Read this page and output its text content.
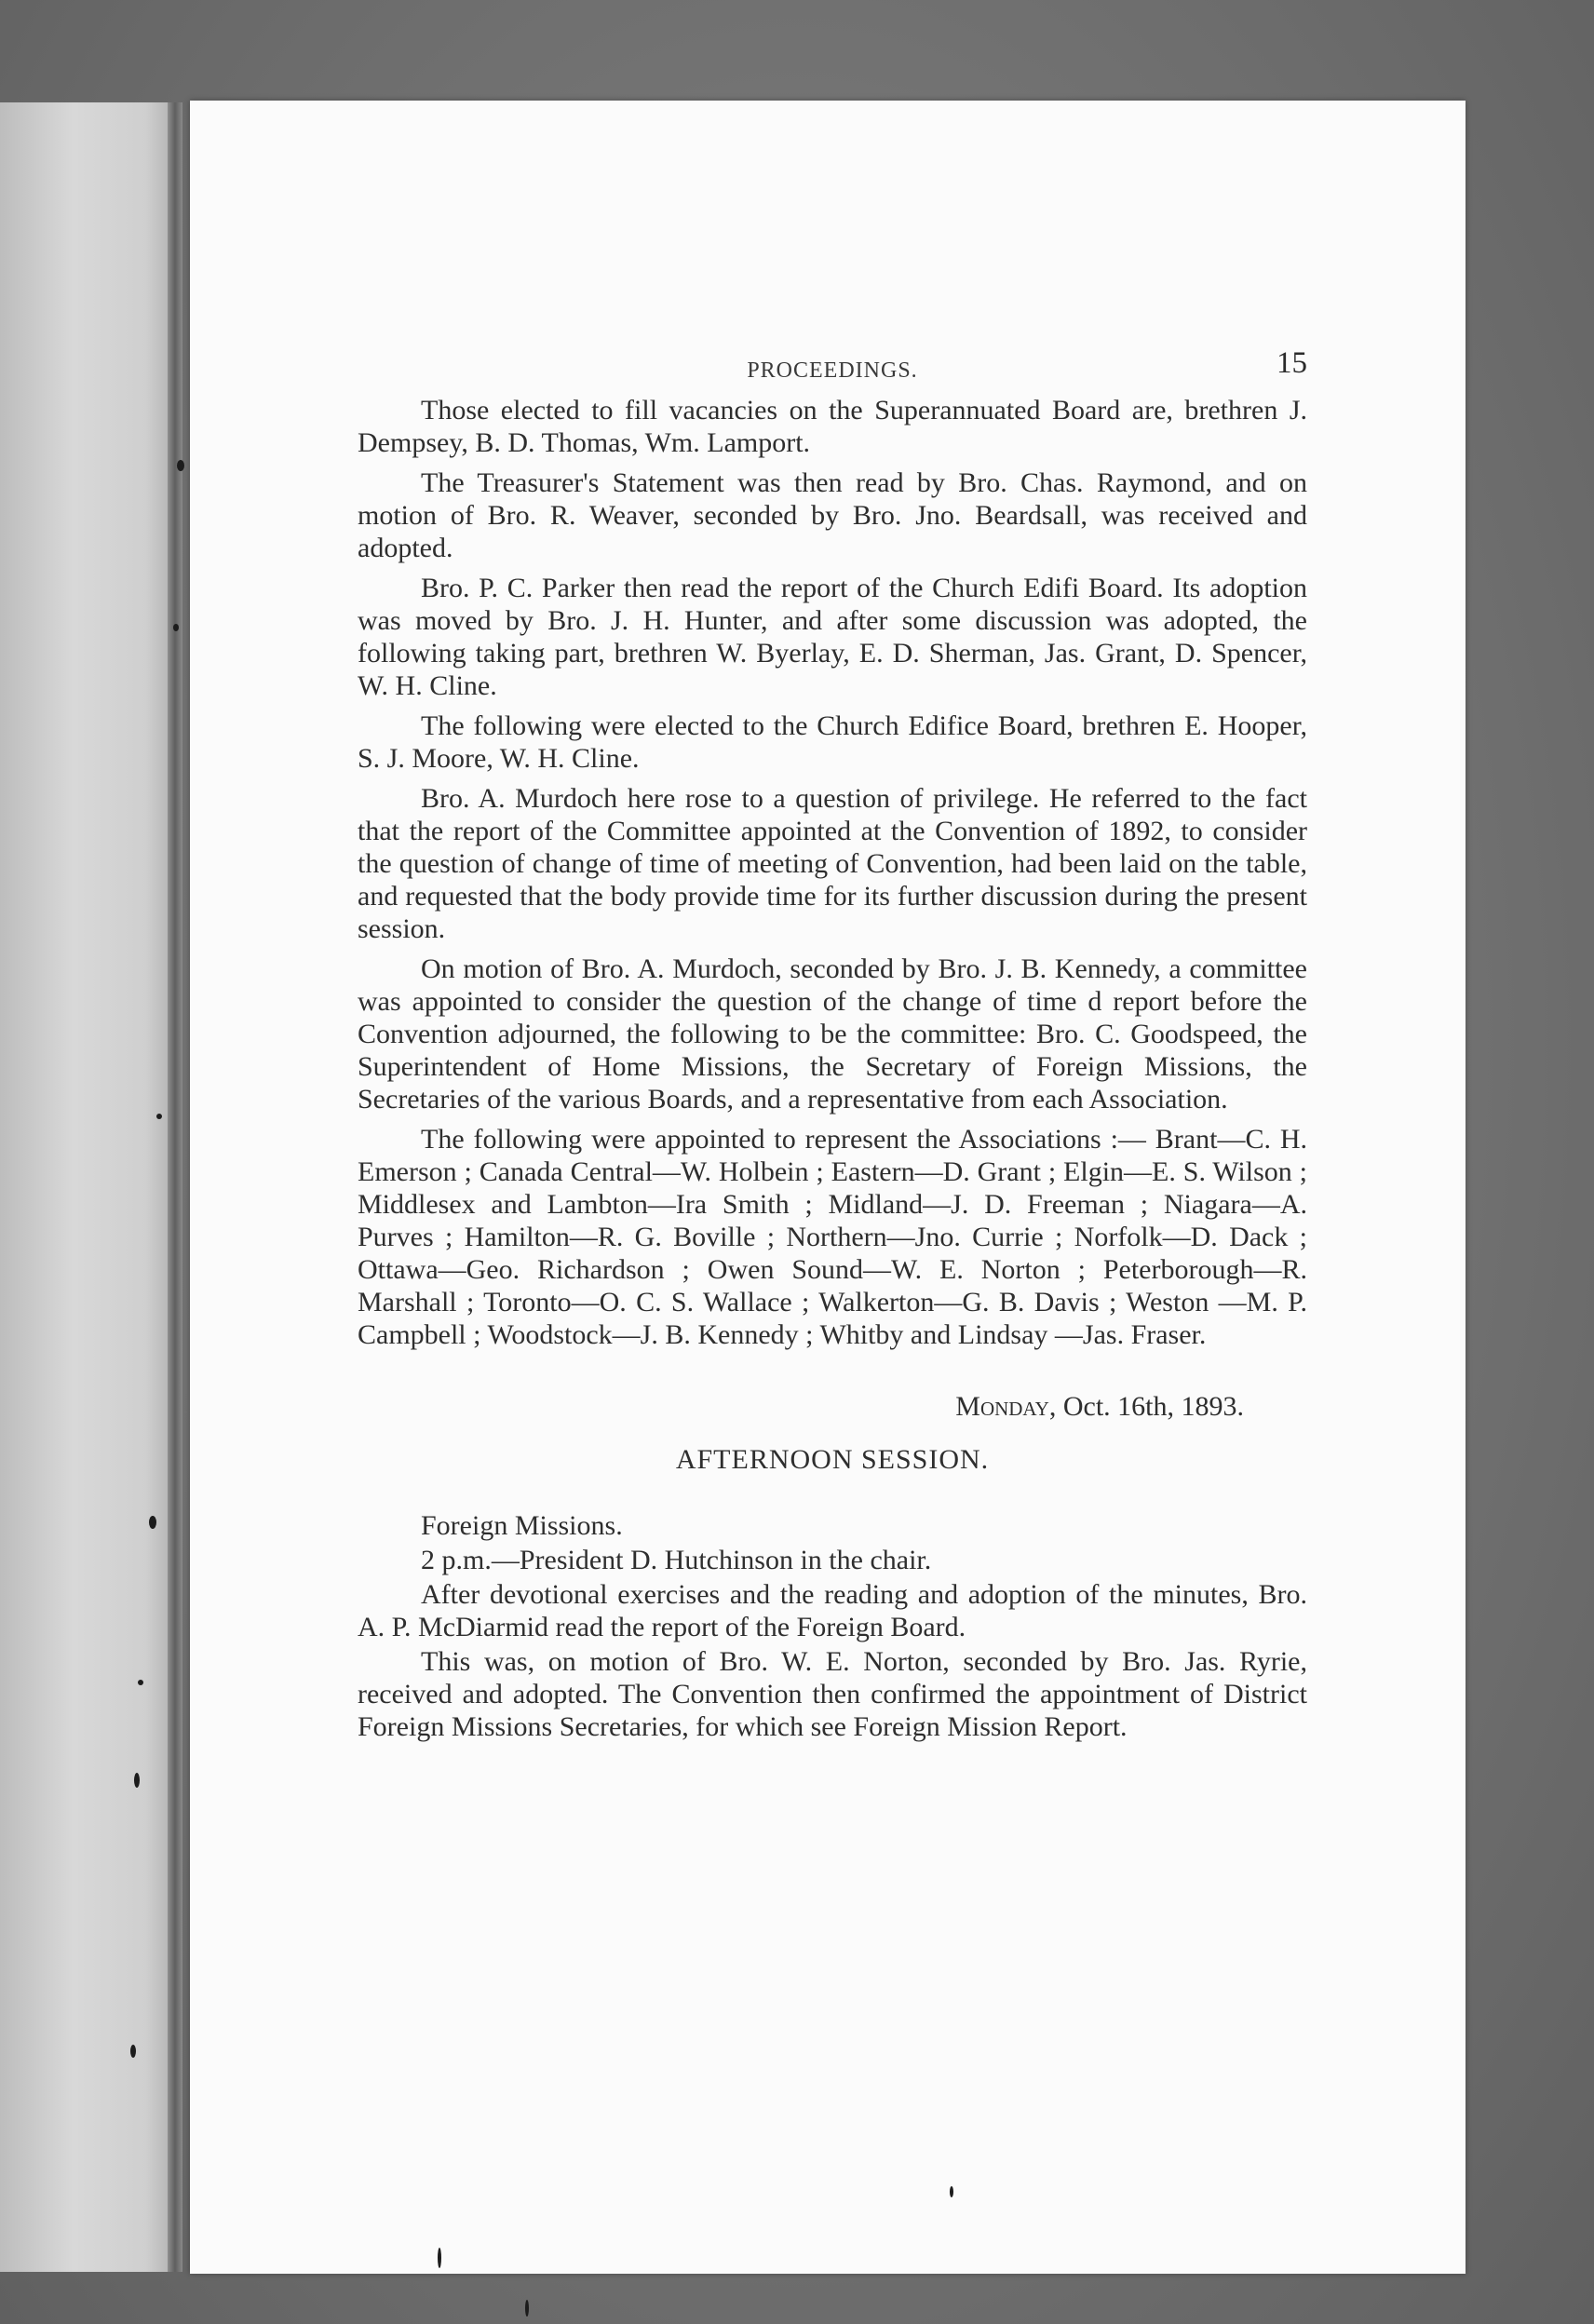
PROCEEDINGS.	15

Those elected to fill vacancies on the Superannuated Board are, brethren J. Dempsey, B. D. Thomas, Wm. Lamport.

The Treasurer's Statement was then read by Bro. Chas. Raymond, and on motion of Bro. R. Weaver, seconded by Bro. Jno. Beardsall, was received and adopted.

Bro. P. C. Parker then read the report of the Church Edifi Board. Its adoption was moved by Bro. J. H. Hunter, and after some discussion was adopted, the following taking part, brethren W. Byerlay, E. D. Sherman, Jas. Grant, D. Spencer, W. H. Cline.

The following were elected to the Church Edifice Board, brethren E. Hooper, S. J. Moore, W. H. Cline.

Bro. A. Murdoch here rose to a question of privilege. He referred to the fact that the report of the Committee appointed at the Convention of 1892, to consider the question of change of time of meeting of Convention, had been laid on the table, and requested that the body provide time for its further discussion during the present session.

On motion of Bro. A. Murdoch, seconded by Bro. J. B. Kennedy, a committee was appointed to consider the question of the change of time d report before the Convention adjourned, the following to be the committee: Bro. C. Goodspeed, the Superintendent of Home Missions, the Secretary of Foreign Missions, the Secretaries of the various Boards, and a representative from each Association.

The following were appointed to represent the Associations :— Brant—C. H. Emerson ; Canada Central—W. Holbein ; Eastern—D. Grant ; Elgin—E. S. Wilson ; Middlesex and Lambton—Ira Smith ; Midland—J. D. Freeman ; Niagara—A. Purves ; Hamilton—R. G. Boville ; Northern—Jno. Currie ; Norfolk—D. Dack ; Ottawa—Geo. Richardson ; Owen Sound—W. E. Norton ; Peterborough—R. Marshall ; Toronto—O. C. S. Wallace ; Walkerton—G. B. Davis ; Weston —M. P. Campbell ; Woodstock—J. B. Kennedy ; Whitby and Lindsay —Jas. Fraser.

Monday, Oct. 16th, 1893.
AFTERNOON SESSION.

Foreign Missions.

2 p.m.—President D. Hutchinson in the chair.

After devotional exercises and the reading and adoption of the minutes, Bro. A. P. McDiarmid read the report of the Foreign Board.

This was, on motion of Bro. W. E. Norton, seconded by Bro. Jas. Ryrie, received and adopted. The Convention then confirmed the appointment of District Foreign Missions Secretaries, for which see Foreign Mission Report.
